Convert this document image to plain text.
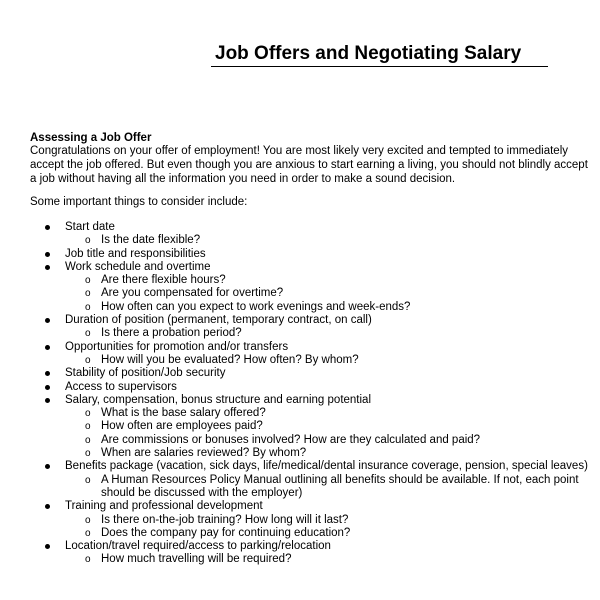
Job Offers and Negotiating Salary
Assessing a Job Offer
Congratulations on your offer of employment! You are most likely very excited and tempted to immediately
accept the job offered. But even though you are anxious to start earning a living, you should not blindly accept
a job without having all the information you need in order to make a sound decision.
Some important things to consider include:
Start date
o Is the date flexible?
Job title and responsibilities
Work schedule and overtime
o Are there flexible hours?
o Are you compensated for overtime?
o How often can you expect to work evenings and week-ends?
Duration of position (permanent, temporary contract, on call)
o Is there a probation period?
Opportunities for promotion and/or transfers
o How will you be evaluated? How often? By whom?
Stability of position/Job security
Access to supervisors
Salary, compensation, bonus structure and earning potential
o What is the base salary offered?
o How often are employees paid?
o Are commissions or bonuses involved? How are they calculated and paid?
o When are salaries reviewed? By whom?
Benefits package (vacation, sick days, life/medical/dental insurance coverage, pension, special leaves)
o A Human Resources Policy Manual outlining all benefits should be available. If not, each point
should be discussed with the employer)
Training and professional development
o Is there on-the-job training? How long will it last?
o Does the company pay for continuing education?
Location/travel required/access to parking/relocation
o How much travelling will be required?
